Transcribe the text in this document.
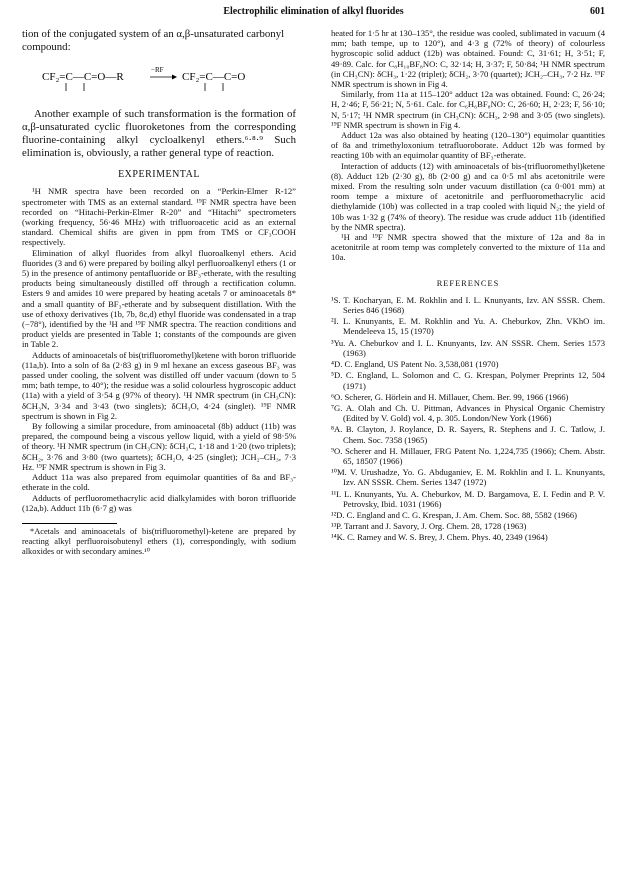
Electrophilic elimination of alkyl fluorides	601

tion of the conjugated system of an α,β-unsaturated carbonyl compound:

CF₂=C—C=O—R
−RF
CF₂=C—C=O

Another example of such transformation is the formation of α,β-unsaturated cyclic fluoroketones from the corresponding fluorine-containing alkyl cycloalkenyl ethers.⁶·⁸·⁹ Such elimination is, obviously, a rather general type of reaction.

EXPERIMENTAL

¹H NMR spectra have been recorded on a “Perkin-Elmer R-12” spectrometer with TMS as an external standard. ¹⁹F NMR spectra have been recorded on “Hitachi-Perkin-Elmer R-20” and “Hitachi” spectrometers (working frequency, 56·46 MHz) with trifluoroacetic acid as an external standard. Chemical shifts are given in ppm from TMS or CF₃COOH respectively.

Elimination of alkyl fluorides from alkyl fluoroalkenyl ethers. Acid fluorides (3 and 6) were prepared by boiling alkyl perfluoroalkenyl ethers (1 or 5) in the presence of antimony pentafluoride or BF₃-etherate, with the resulting products being simultaneously distilled off through a rectification column. Esters 9 and amides 10 were prepared by heating acetals 7 or aminoacetals 8* and a small quantity of BF₃-etherate and by subsequent distillation. With the use of ethoxy derivatives (1b, 7b, 8c,d) ethyl fluoride was condensated in a trap (−78°), identified by the ¹H and ¹⁹F NMR spectra. The reaction conditions and product yields are presented in Table 1; constants of the compounds are given in Table 2.

Adducts of aminoacetals of bis(trifluoromethyl)ketene with boron trifluoride (11a,b). Into a soln of 8a (2·83 g) in 9 ml hexane an excess gaseous BF₃ was passed under cooling, the solvent was distilled off under vacuum (down to 5 mm; bath tempe, to 40°); the residue was a solid colourless hygroscopic adduct (11a) with a yield of 3·54 g (97% of theory). ¹H NMR spectrum (in CH₃CN): δCH₃N, 3·34 and 3·43 (two singlets); δCH₃O, 4·24 (singlet). ¹⁹F NMR spectrum is shown in Fig 2.

By following a similar procedure, from aminoacetal (8b) adduct (11b) was prepared, the compound being a viscous yellow liquid, with a yield of 98·5% of theory. ¹H NMR spectrum (in CH₃CN): δCH₃C, 1·18 and 1·20 (two triplets); δCH₂, 3·76 and 3·80 (two quartets); δCH₂O, 4·25 (singlet); JCH₂–CH₃, 7·3 Hz. ¹⁹F NMR spectrum is shown in Fig 3.

Adduct 11a was also prepared from equimolar quantities of 8a and BF₃-etherate in the cold.

Adducts of perfluoromethacrylic acid dialkylamides with boron trifluoride (12a,b). Adduct 11b (6·7 g) was

*Acetals and aminoacetals of bis(trifluoromethyl)-ketene are prepared by reacting alkyl perfluoroisobutenyl ethers (1), correspondingly, with sodium alkoxides or with secondary amines.¹⁰

heated for 1·5 hr at 130–135°, the residue was cooled, sublimated in vacuum (4 mm; bath tempe, up to 120°), and 4·3 g (72% of theory) of colourless hygroscopic solid adduct (12b) was obtained. Found: C, 31·61; H, 3·51; F, 49·89. Calc. for C₈H₁₀BF₈NO: C, 32·14; H, 3·37; F, 50·84; ¹H NMR spectrum (in CH₃CN): δCH₃, 1·22 (triplet); δCH₂, 3·70 (quartet); JCH₂–CH₃, 7·2 Hz. ¹⁹F NMR spectrum is shown in Fig 4.

Similarly, from 11a at 115–120° adduct 12a was obtained. Found: C, 26·24; H, 2·46; F, 56·21; N, 5·61. Calc. for C₆H₆BF₈NO: C, 26·60; H, 2·23; F, 56·10; N, 5·17; ¹H NMR spectrum (in CH₃CN): δCH₃, 2·98 and 3·05 (two singlets). ¹⁹F NMR spectrum is shown in Fig 4.

Adduct 12a was also obtained by heating (120–130°) equimolar quantities of 8a and trimethyloxonium tetrafluoroborate. Adduct 12b was formed by reacting 10b with an equimolar quantity of BF₃-etherate.

Interaction of adducts (12) with aminoacetals of bis-(trifluoromethyl)ketene (8). Adduct 12b (2·30 g), 8b (2·00 g) and ca 0·5 ml abs acetonitrile were mixed. From the resulting soln under vacuum distillation (ca 0·001 mm) at room tempe a mixture of acetonitrile and perfluoromethacrylic acid diethylamide (10b) was collected in a trap cooled with liquid N₂; the yield of 10b was 1·32 g (74% of theory). The residue was crude adduct 11b (identified by the NMR spectra).

¹H and ¹⁹F NMR spectra showed that the mixture of 12a and 8a in acetonitrile at room temp was completely converted to the mixture of 11a and 10a.

REFERENCES
¹S. T. Kocharyan, E. M. Rokhlin and I. L. Knunyants, Izv. AN SSSR. Chem. Series 846 (1968)
²I. L. Knunyants, E. M. Rokhlin and Yu. A. Cheburkov, Zhn. VKhO im. Mendeleeva 15, 15 (1970)
³Yu. A. Cheburkov and I. L. Knunyants, Izv. AN SSSR. Chem. Series 1573 (1963)
⁴D. C. England, US Patent No. 3,538,081 (1970)
⁵D. C. England, L. Solomon and C. G. Krespan, Polymer Preprints 12, 504 (1971)
⁶O. Scherer, G. Hörlein and H. Millauer, Chem. Ber. 99, 1966 (1966)
⁷G. A. Olah and Ch. U. Pittman, Advances in Physical Organic Chemistry (Edited by V. Gold) vol. 4, p. 305. London/New York (1966)
⁸A. B. Clayton, J. Roylance, D. R. Sayers, R. Stephens and J. C. Tatlow, J. Chem. Soc. 7358 (1965)
⁹O. Scherer and H. Millauer, FRG Patent No. 1,224,735 (1966); Chem. Abstr. 65, 18507 (1966)
¹⁰M. V. Urushadze, Yo. G. Abduganiev, E. M. Rokhlin and I. L. Knunyants, Izv. AN SSSR. Chem. Series 1347 (1972)
¹¹I. L. Knunyants, Yu. A. Cheburkov, M. D. Bargamova, E. I. Fedin and P. V. Petrovsky, Ibid. 1031 (1966)
¹²D. C. England and C. G. Krespan, J. Am. Chem. Soc. 88, 5582 (1966)
¹³P. Tarrant and J. Savory, J. Org. Chem. 28, 1728 (1963)
¹⁴K. C. Ramey and W. S. Brey, J. Chem. Phys. 40, 2349 (1964)
